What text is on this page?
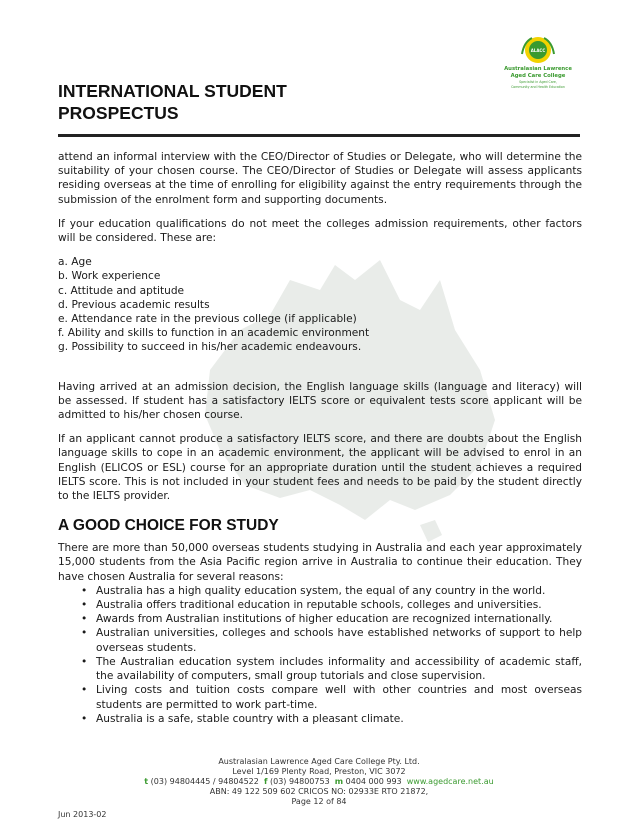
ALACC
Australasian Lawrence
Aged Care College
Specialist in Aged Care,
Community and Health Education
INTERNATIONAL STUDENT
PROSPECTUS

attend an informal interview with the CEO/Director of Studies or Delegate, who will determine the suitability of your chosen course. The CEO/Director of Studies or Delegate will assess applicants residing overseas at the time of enrolling for eligibility against the entry requirements through the submission of the enrolment form and supporting documents.

If your education qualifications do not meet the colleges admission requirements, other factors will be considered. These are:

a. Age
b. Work experience
c. Attitude and aptitude
d. Previous academic results
e. Attendance rate in the previous college (if applicable)
f. Ability and skills to function in an academic environment
g. Possibility to succeed in his/her academic endeavours.

Having arrived at an admission decision, the English language skills (language and literacy) will be assessed. If student has a satisfactory IELTS score or equivalent tests score applicant will be admitted to his/her chosen course.

If an applicant cannot produce a satisfactory IELTS score, and there are doubts about the English language skills to cope in an academic environment, the applicant will be advised to enrol in an English (ELICOS or ESL) course for an appropriate duration until the student achieves a required IELTS score. This is not included in your student fees and needs to be paid by the student directly to the IELTS provider.

A GOOD CHOICE FOR STUDY

There are more than 50,000 overseas students studying in Australia and each year approximately 15,000 students from the Asia Pacific region arrive in Australia to continue their education. They have chosen Australia for several reasons:

• Australia has a high quality education system, the equal of any country in the world.
• Australia offers traditional education in reputable schools, colleges and universities.
• Awards from Australian institutions of higher education are recognized internationally.
• Australian universities, colleges and schools have established networks of support to help overseas students.
• The Australian education system includes informality and accessibility of academic staff, the availability of computers, small group tutorials and close supervision.
• Living costs and tuition costs compare well with other countries and most overseas students are permitted to work part-time.
• Australia is a safe, stable country with a pleasant climate.
Australasian Lawrence Aged Care College Pty. Ltd.
Level 1/169 Plenty Road, Preston, VIC 3072
t (03) 94804445 / 94804522 f (03) 94800753 m 0404 000 993 www.agedcare.net.au
ABN: 49 122 509 602 CRICOS NO: 02933E RTO 21872,
Page 12 of 84
Jun 2013-02
